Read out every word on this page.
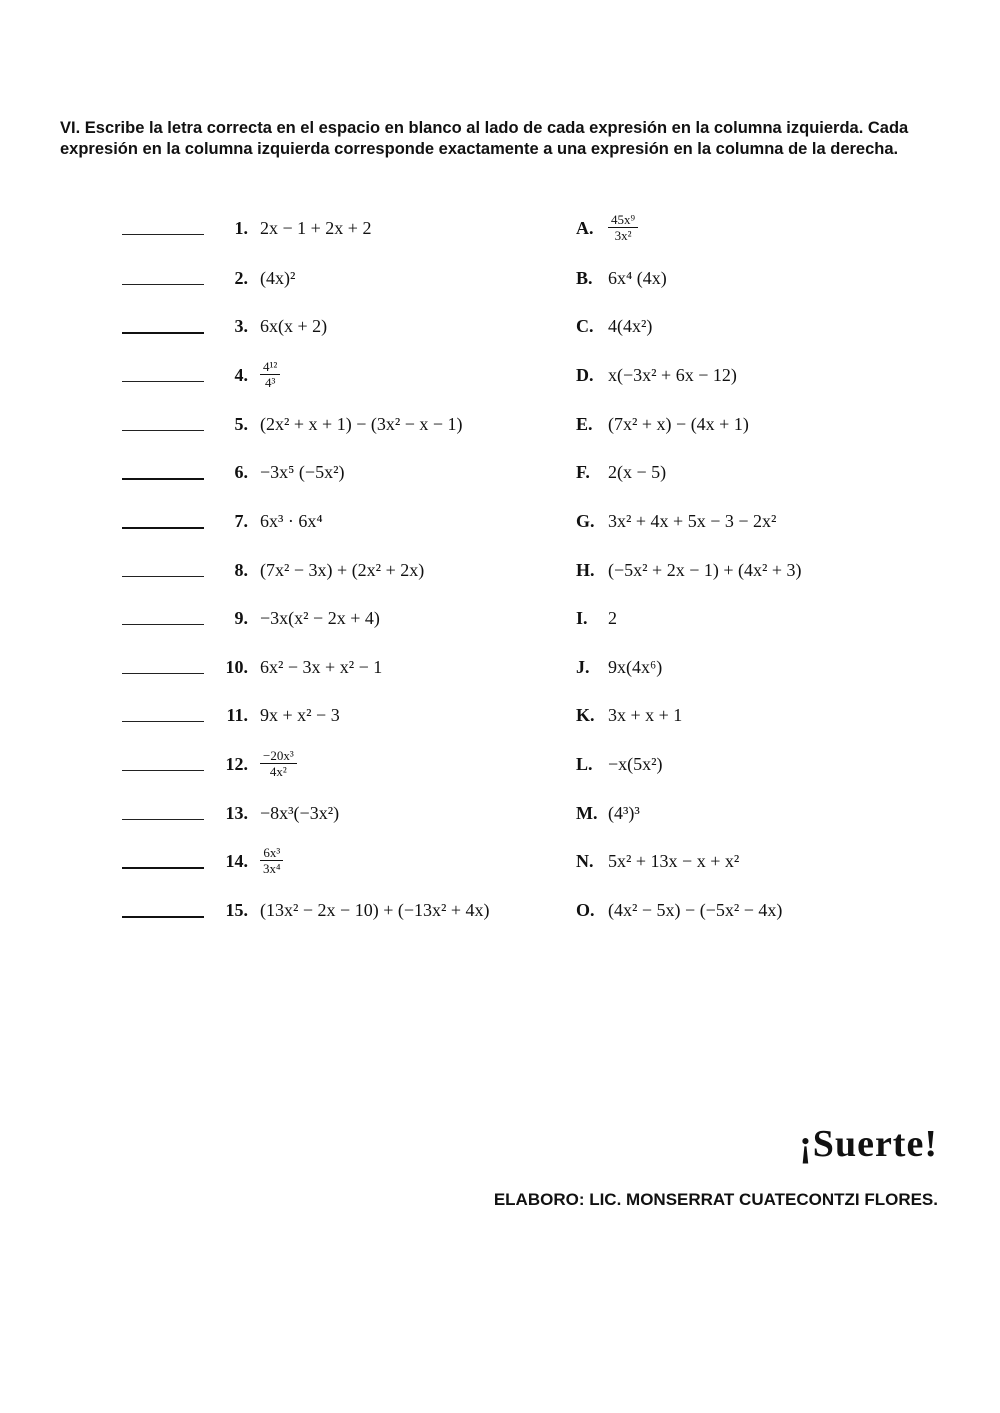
VI. Escribe la letra correcta en el espacio en blanco al lado de cada expresión en la columna izquierda. Cada expresión en la columna izquierda corresponde exactamente a una expresión en la columna de la derecha.
1. 2x − 1 + 2x + 2	A. $\frac{\text{45x⁹}}{\text{3x²}}$
2. (4x)²	B. 6x⁴ (4x)
3. 6x(x + 2)	C. 4(4x²)
4. $\frac{\text{4¹²}}{\text{4³}}$	D. x(−3x² + 6x − 12)
5. (2x² + x + 1) − (3x² − x − 1)	E. (7x² + x) − (4x + 1)
6. −3x⁵ (−5x²)	F. 2(x − 5)
7. 6x³ · 6x⁴	G. 3x² + 4x + 5x − 3 − 2x²
8. (7x² − 3x) + (2x² + 2x)	H. (−5x² + 2x − 1) + (4x² + 3)
9. −3x(x² − 2x + 4)	I. 2
10. 6x² − 3x + x² − 1	J. 9x(4x⁶)
11. 9x + x² − 3	K. 3x + x + 1
12. $\frac{\text{−20x³}}{\text{4x²}}$	L. −x(5x²)
13. −8x³(−3x²)	M. (4³)³
14. $\frac{\text{6x³}}{\text{3x⁴}}$	N. 5x² + 13x − x + x²
15. (13x² − 2x − 10) + (−13x² + 4x)	O. (4x² − 5x) − (−5x² − 4x)
¡Suerte!
ELABORO: LIC. MONSERRAT CUATECONTZI FLORES.
